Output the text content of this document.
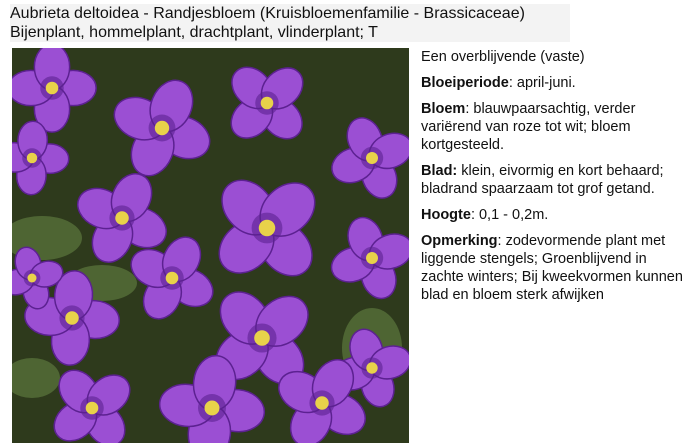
Aubrieta deltoidea - Randjesbloem (Kruisbloemenfamilie - Brassicaceae)
Bijenplant, hommelplant, drachtplant, vlinderplant; T

Een overblijvende (vaste)

Bloeiperiode: april-juni.

Bloem: blauwpaarsachtig, verder variërend van roze tot wit; bloem kortgesteeld.

Blad: klein, eivormig en kort behaard; bladrand spaarzaam tot grof getand.

Hoogte: 0,1 - 0,2m.

Opmerking: zodevormende plant met liggende stengels; Groenblijvend in zachte winters; Bij kweekvormen kunnen blad en bloem sterk afwijken
